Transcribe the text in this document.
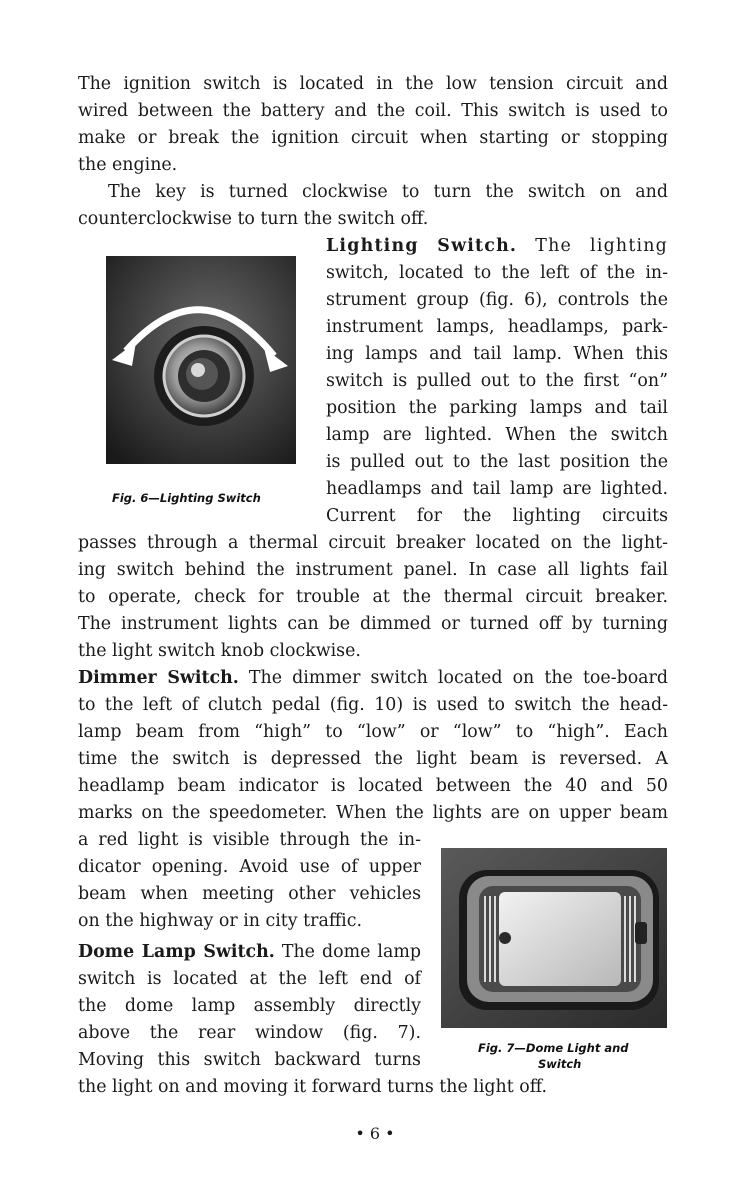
The ignition switch is located in the low tension circuit and
wired between the battery and the coil. This switch is used to
make or break the ignition circuit when starting or stopping
the engine.
The key is turned clockwise to turn the switch on and
counterclockwise to turn the switch off.
Lighting Switch. The lighting
switch, located to the left of the in-
strument group (fig. 6), controls the
instrument lamps, headlamps, park-
ing lamps and tail lamp. When this
switch is pulled out to the first “on”
position the parking lamps and tail
lamp are lighted. When the switch
is pulled out to the last position the
headlamps and tail lamp are lighted.
Current for the lighting circuits
Fig. 6—Lighting Switch
passes through a thermal circuit breaker located on the light-
ing switch behind the instrument panel. In case all lights fail
to operate, check for trouble at the thermal circuit breaker.
The instrument lights can be dimmed or turned off by turning
the light switch knob clockwise.
Dimmer Switch. The dimmer switch located on the toe-board
to the left of clutch pedal (fig. 10) is used to switch the head-
lamp beam from “high” to “low” or “low” to “high”. Each
time the switch is depressed the light beam is reversed. A
headlamp beam indicator is located between the 40 and 50
marks on the speedometer. When the lights are on upper beam
a red light is visible through the in-
dicator opening. Avoid use of upper
beam when meeting other vehicles
on the highway or in city traffic.
Dome Lamp Switch. The dome lamp
switch is located at the left end of
the dome lamp assembly directly
above the rear window (fig. 7).
Moving this switch backward turns
the light on and moving it forward turns the light off.
Fig. 7—Dome Light and
Switch
• 6 •
